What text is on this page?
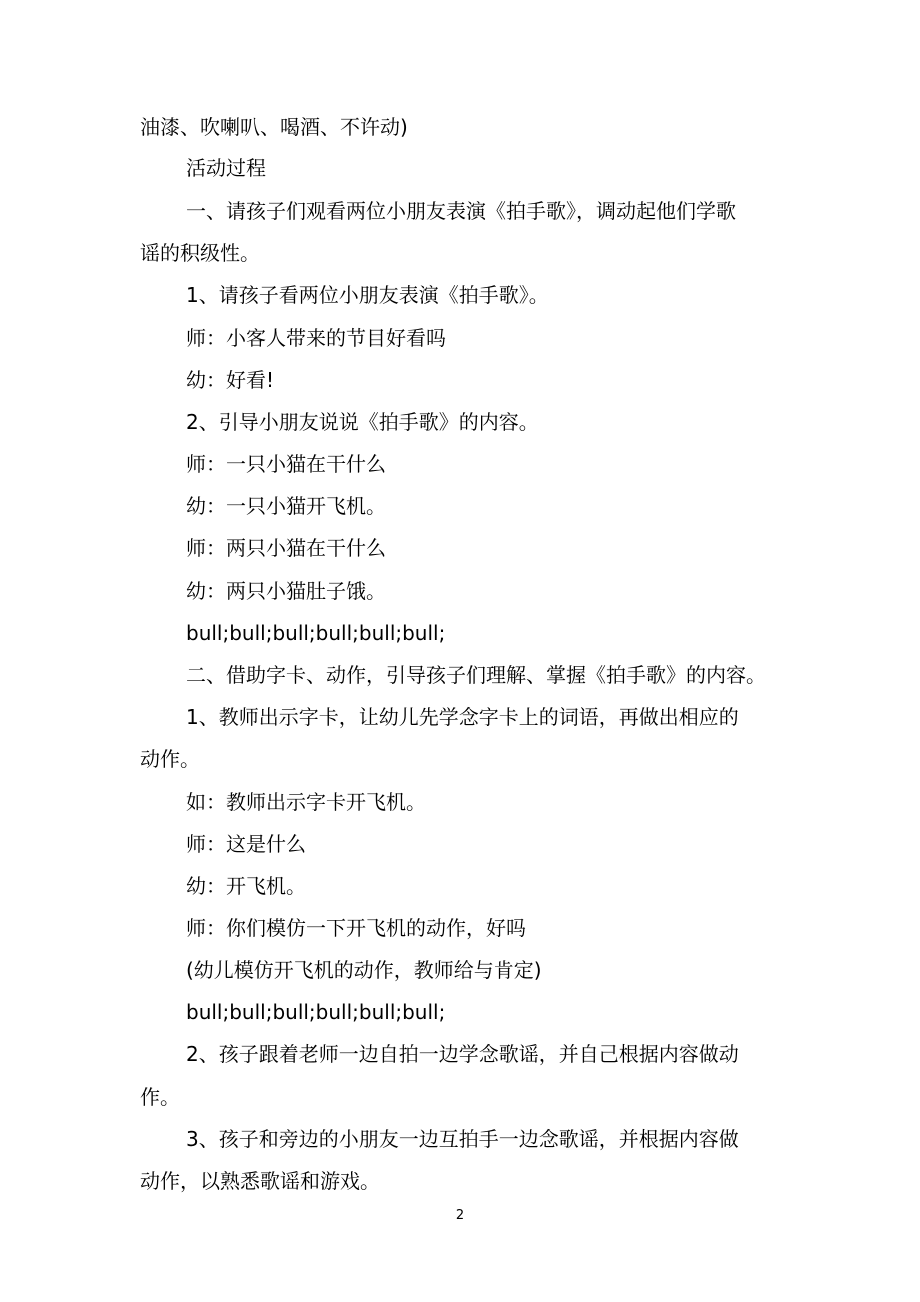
油漆、吹喇叭、喝酒、不许动)
活动过程
一、请孩子们观看两位小朋友表演《拍手歌》，调动起他们学歌
谣的积级性。
1、请孩子看两位小朋友表演《拍手歌》。
师：小客人带来的节目好看吗
幼：好看!
2、引导小朋友说说《拍手歌》的内容。
师：一只小猫在干什么
幼：一只小猫开飞机。
师：两只小猫在干什么
幼：两只小猫肚子饿。
bull;bull;bull;bull;bull;bull;
二、借助字卡、动作，引导孩子们理解、掌握《拍手歌》的内容。
1、教师出示字卡，让幼儿先学念字卡上的词语，再做出相应的
动作。
如：教师出示字卡开飞机。
师：这是什么
幼：开飞机。
师：你们模仿一下开飞机的动作，好吗
(幼儿模仿开飞机的动作，教师给与肯定)
bull;bull;bull;bull;bull;bull;
2、孩子跟着老师一边自拍一边学念歌谣，并自己根据内容做动
作。
3、孩子和旁边的小朋友一边互拍手一边念歌谣，并根据内容做
动作，以熟悉歌谣和游戏。
2
